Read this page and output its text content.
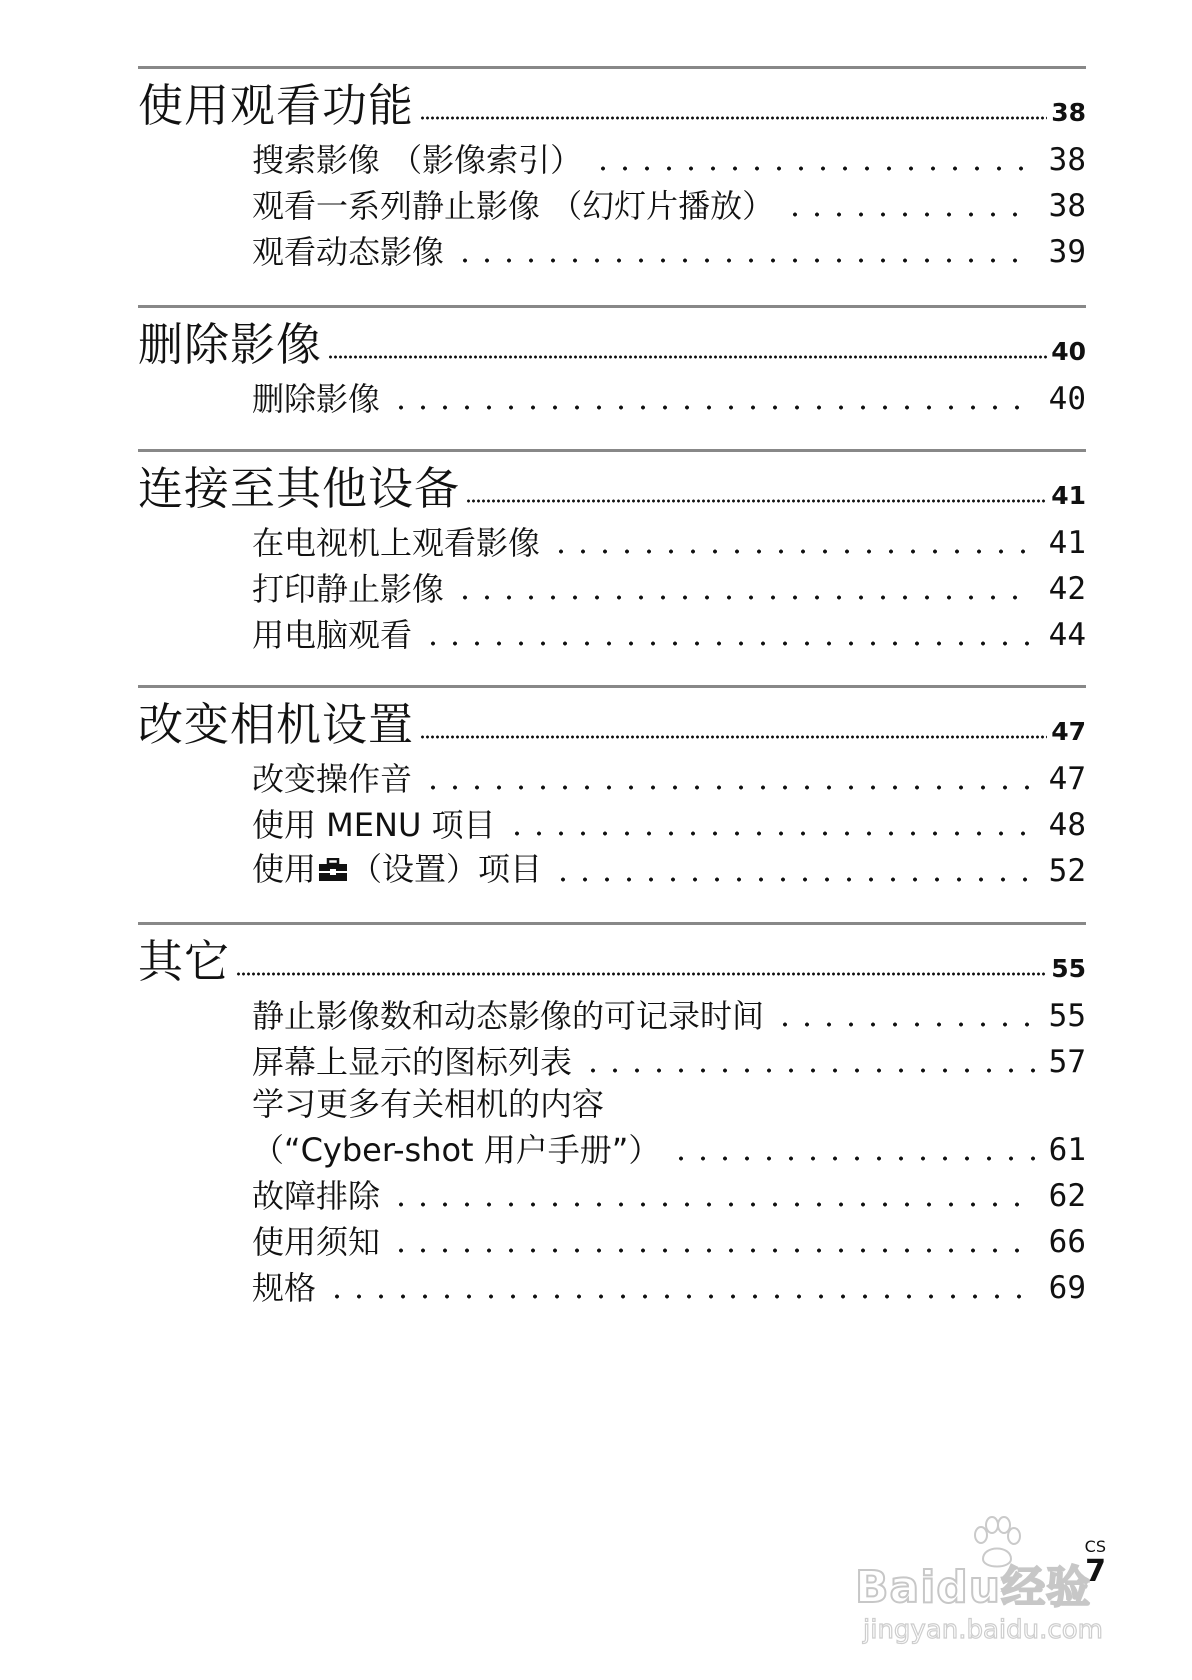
使用观看功能	38
搜索影像 （影像索引）	38
观看一系列静止影像 （幻灯片播放）	38
观看动态影像	39
删除影像	40
删除影像	40
连接至其他设备	41
在电视机上观看影像	41
打印静止影像	42
用电脑观看	44
改变相机设置	47
改变操作音	47
使用 MENU 项目	48
使用 （设置）项目	52
其它	55
静止影像数和动态影像的可记录时间	55
屏幕上显示的图标列表	57
学习更多有关相机的内容
（“Cyber-shot 用户手册”）	61
故障排除	62
使用须知	66
规格	69
Baidu经验
jingyan.baidu.com
CS
7
